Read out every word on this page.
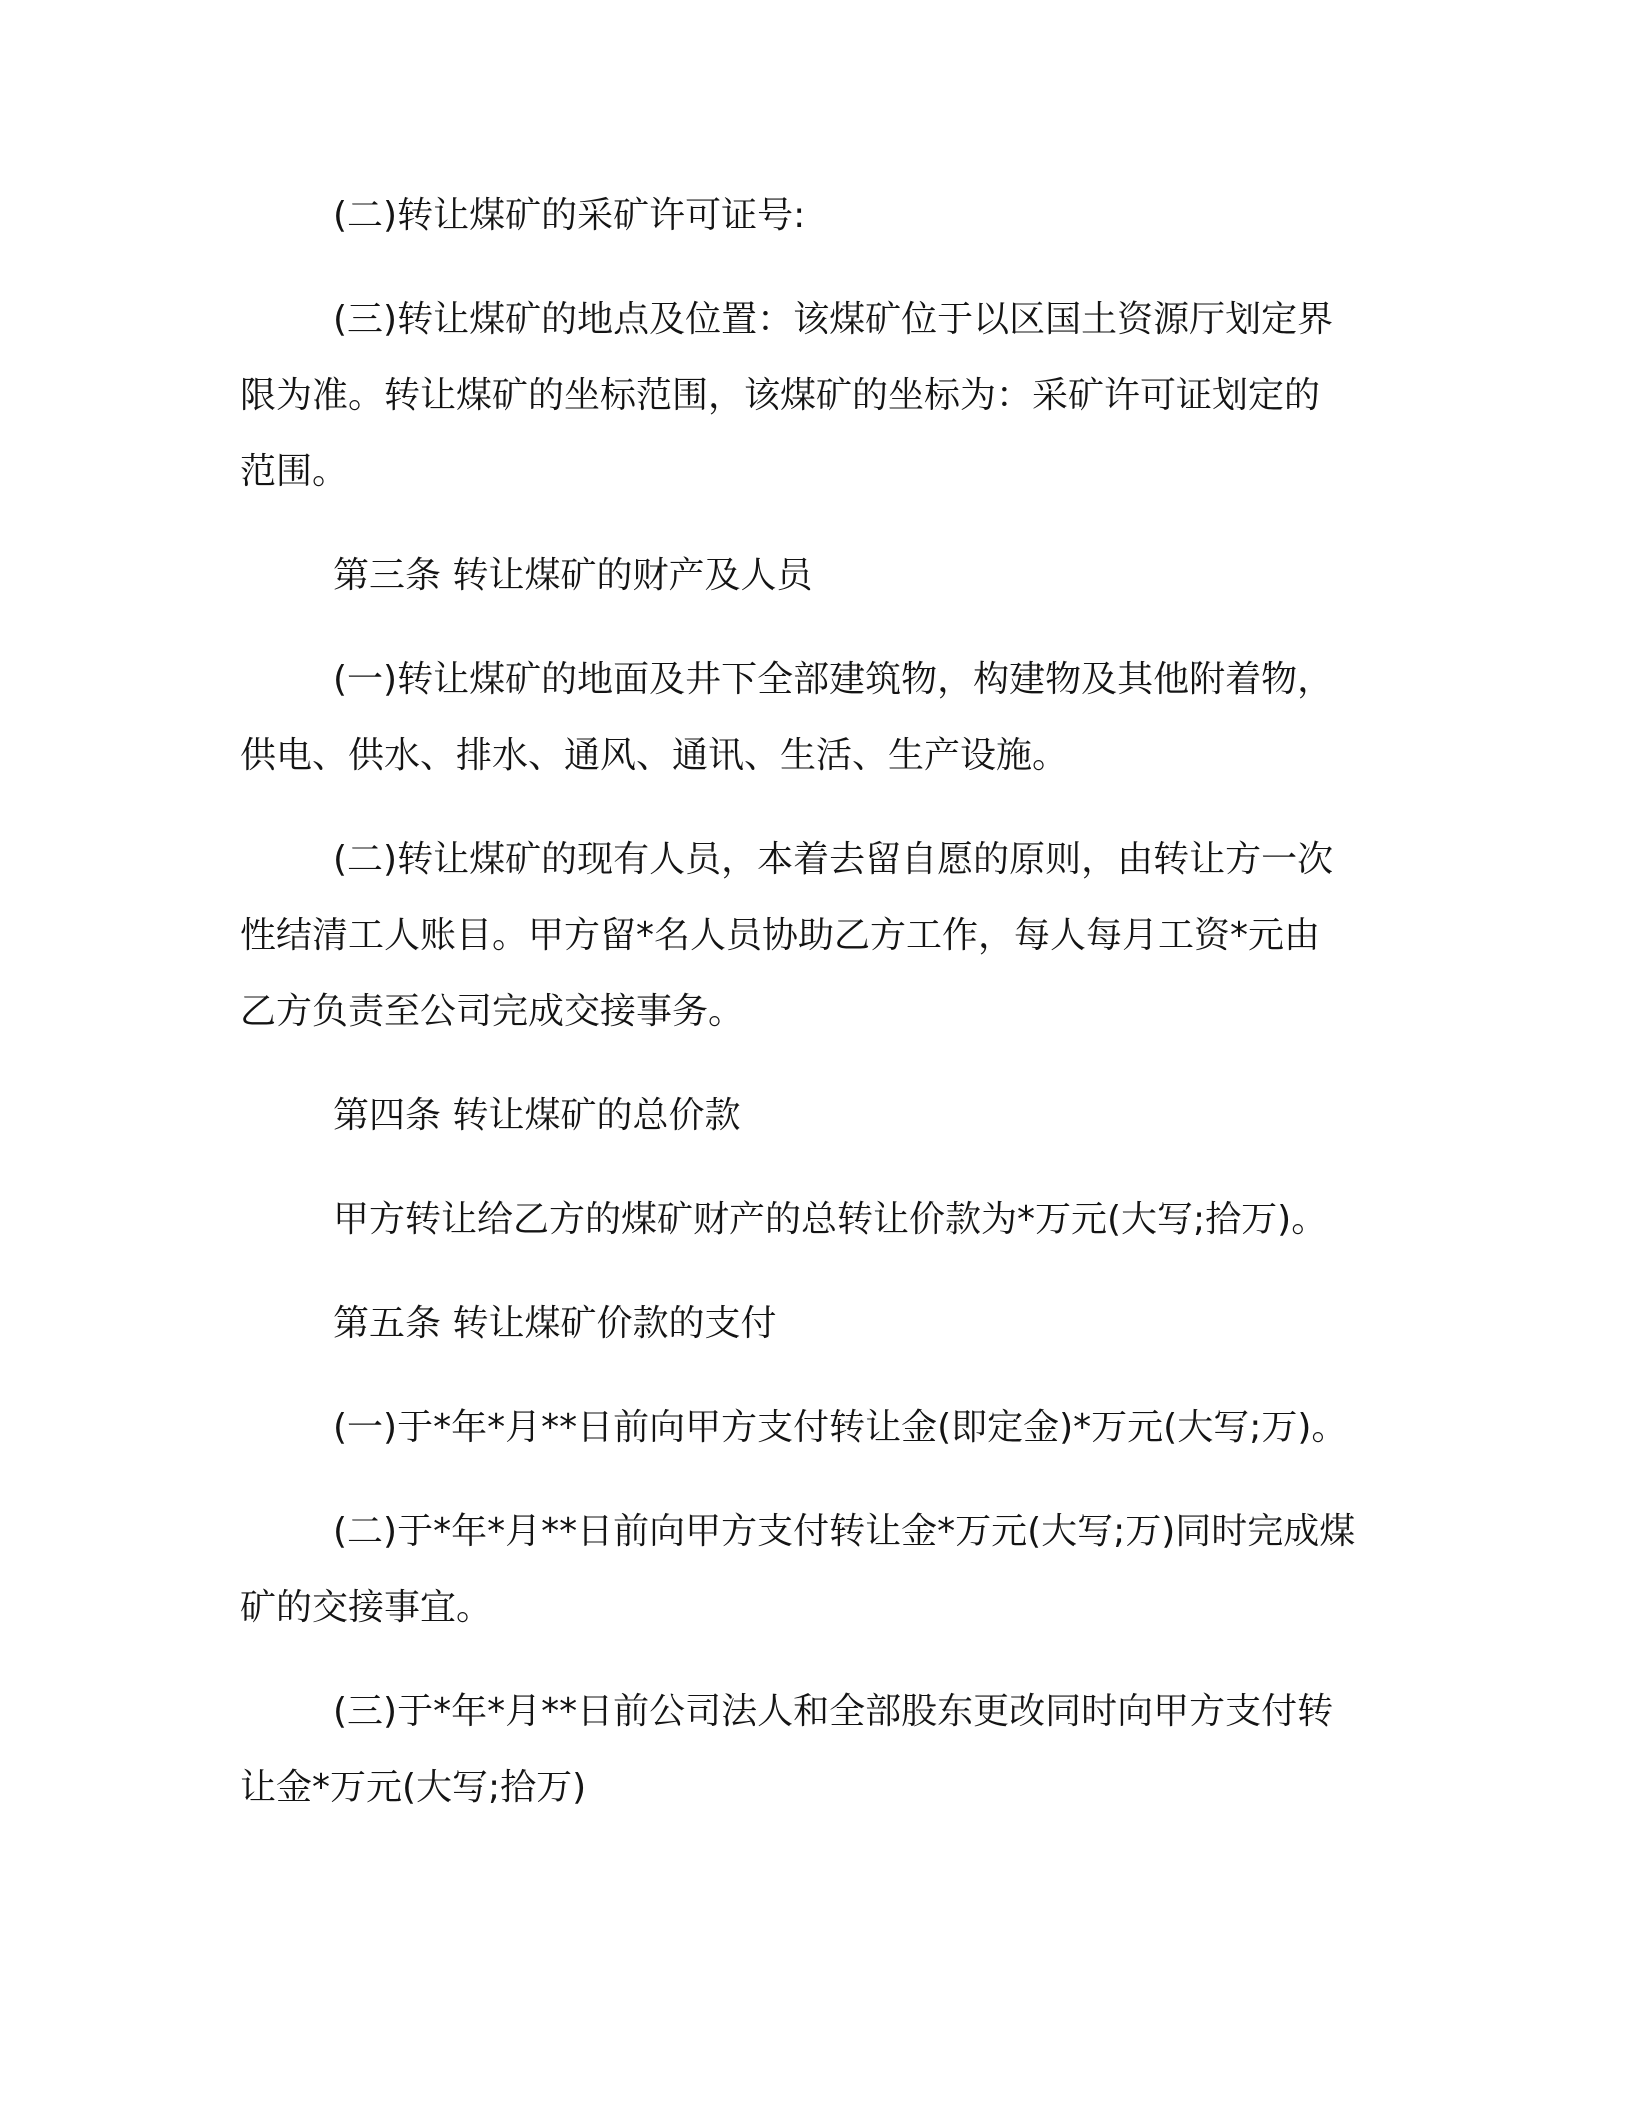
(二)转让煤矿的采矿许可证号:
(三)转让煤矿的地点及位置：该煤矿位于以区国土资源厅划定界
限为准。转让煤矿的坐标范围，该煤矿的坐标为：采矿许可证划定的
范围。
第三条 转让煤矿的财产及人员
(一)转让煤矿的地面及井下全部建筑物，构建物及其他附着物，
供电、供水、排水、通风、通讯、生活、生产设施。
(二)转让煤矿的现有人员，本着去留自愿的原则，由转让方一次
性结清工人账目。甲方留*名人员协助乙方工作，每人每月工资*元由
乙方负责至公司完成交接事务。
第四条 转让煤矿的总价款
甲方转让给乙方的煤矿财产的总转让价款为*万元(大写;拾万)。
第五条 转让煤矿价款的支付
(一)于*年*月**日前向甲方支付转让金(即定金)*万元(大写;万)。
(二)于*年*月**日前向甲方支付转让金*万元(大写;万)同时完成煤
矿的交接事宜。
(三)于*年*月**日前公司法人和全部股东更改同时向甲方支付转
让金*万元(大写;拾万)
